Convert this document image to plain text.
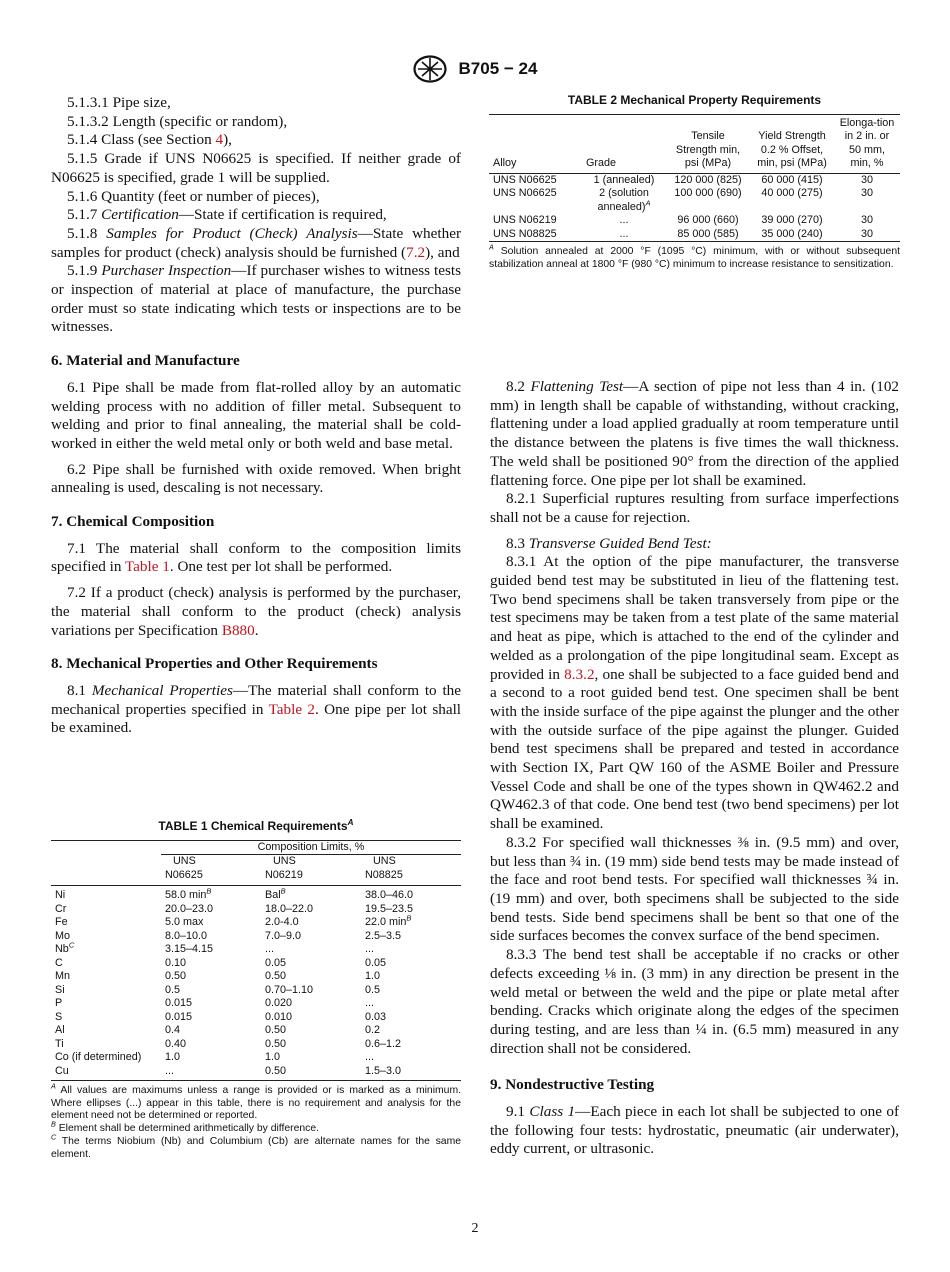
B705 − 24

5.1.3.1 Pipe size,

5.1.3.2 Length (specific or random),

5.1.4 Class (see Section 4),

5.1.5 Grade if UNS N06625 is specified. If neither grade of N06625 is specified, grade 1 will be supplied.

5.1.6 Quantity (feet or number of pieces),

5.1.7 Certification—State if certification is required,

5.1.8 Samples for Product (Check) Analysis—State whether samples for product (check) analysis should be furnished (7.2), and

5.1.9 Purchaser Inspection—If purchaser wishes to witness tests or inspection of material at place of manufacture, the purchase order must so state indicating which tests or inspections are to be witnesses.

6. Material and Manufacture

6.1 Pipe shall be made from flat-rolled alloy by an automatic welding process with no addition of filler metal. Subsequent to welding and prior to final annealing, the material shall be cold-worked in either the weld metal only or both weld and base metal.

6.2 Pipe shall be furnished with oxide removed. When bright annealing is used, descaling is not necessary.

7. Chemical Composition

7.1 The material shall conform to the composition limits specified in Table 1. One test per lot shall be performed.

7.2 If a product (check) analysis is performed by the purchaser, the material shall conform to the product (check) analysis variations per Specification B880.

8. Mechanical Properties and Other Requirements

8.1 Mechanical Properties—The material shall conform to the mechanical properties specified in Table 2. One pipe per lot shall be examined.

TABLE 2 Mechanical Property Requirements
Alloy	Grade	Tensile Strength min, psi (MPa)	Yield Strength 0.2 % Offset, min, psi (MPa)	Elonga-tion in 2 in. or 50 mm, min, %
UNS N06625	1 (annealed)	120 000 (825)	60 000 (415)	30
UNS N06625	2 (solution annealed)$^A$	100 000 (690)	40 000 (275)	30
UNS N06219	...	96 000 (660)	39 000 (270)	30
UNS N08825	...	85 000 (585)	35 000 (240)	30

$^A$ Solution annealed at 2000 °F (1095 °C) minimum, with or without subsequent stabilization anneal at 1800 °F (980 °C) minimum to increase resistance to sensitization.

TABLE 1 Chemical Requirements$^A$
	Composition Limits, %		
	UNS	UNS	UNS
	N06625	N06219	N08825
Ni	58.0 $\min^B$	Bal$^B$	38.0–46.0
Cr	20.0–23.0	18.0–22.0	19.5–23.5
Fe	5.0 max	2.0-4.0	22.0 $\min^B$
Mo	8.0–10.0	7.0–9.0	2.5–3.5
$Nb^C$	3.15–4.15	...	...
C	0.10	0.05	0.05
Mn	0.50	0.50	1.0
Si	0.5	0.70–1.10	0.5
P	0.015	0.020	...
S	0.015	0.010	0.03
Al	0.4	0.50	0.2
Ti	0.40	0.50	0.6–1.2
Co (if determined)	1.0	1.0	...
Cu	...	0.50	1.5–3.0

$^A$ All values are maximums unless a range is provided or is marked as a minimum. Where ellipses (...) appear in this table, there is no requirement and analysis for the element need not be determined or reported.

$^B$ Element shall be determined arithmetically by difference.

$^C$ The terms Niobium (Nb) and Columbium (Cb) are alternate names for the same element.

8.2 Flattening Test—A section of pipe not less than 4 in. (102 mm) in length shall be capable of withstanding, without cracking, flattening under a load applied gradually at room temperature until the distance between the platens is five times the wall thickness. The weld shall be positioned 90° from the direction of the applied flattening force. One pipe per lot shall be examined.

8.2.1 Superficial ruptures resulting from surface imperfections shall not be a cause for rejection.

8.3 Transverse Guided Bend Test:

8.3.1 At the option of the pipe manufacturer, the transverse guided bend test may be substituted in lieu of the flattening test. Two bend specimens shall be taken transversely from pipe or the test specimens may be taken from a test plate of the same material and heat as pipe, which is attached to the end of the cylinder and welded as a prolongation of the pipe longitudinal seam. Except as provided in 8.3.2, one shall be subjected to a face guided bend and a second to a root guided bend test. One specimen shall be bent with the inside surface of the pipe against the plunger and the other with the outside surface of the pipe against the plunger. Guided bend test specimens shall be prepared and tested in accordance with Section IX, Part QW 160 of the ASME Boiler and Pressure Vessel Code and shall be one of the types shown in QW462.2 and QW462.3 of that code. One bend test (two bend specimens) per lot shall be examined.

8.3.2 For specified wall thicknesses ⅜ in. (9.5 mm) and over, but less than ¾ in. (19 mm) side bend tests may be made instead of the face and root bend tests. For specified wall thicknesses ¾ in. (19 mm) and over, both specimens shall be subjected to the side bend tests. Side bend specimens shall be bent so that one of the side surfaces becomes the convex surface of the bend specimen.

8.3.3 The bend test shall be acceptable if no cracks or other defects exceeding ⅛ in. (3 mm) in any direction be present in the weld metal or between the weld and the pipe or plate metal after bending. Cracks which originate along the edges of the specimen during testing, and are less than ¼ in. (6.5 mm) measured in any direction shall not be considered.

9. Nondestructive Testing

9.1 Class 1—Each piece in each lot shall be subjected to one of the following four tests: hydrostatic, pneumatic (air underwater), eddy current, or ultrasonic.

2
